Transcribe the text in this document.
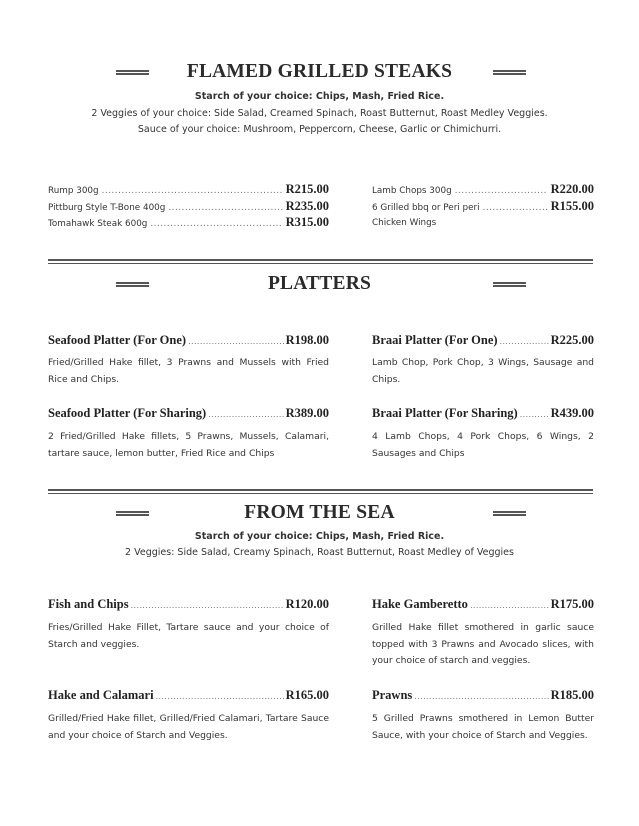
FLAMED GRILLED STEAKS
Starch of your choice: Chips, Mash, Fried Rice.
2 Veggies of your choice: Side Salad, Creamed Spinach, Roast Butternut, Roast Medley Veggies.
Sauce of your choice: Mushroom, Peppercorn, Cheese, Garlic or Chimichurri.
Rump 300g .....	R215.00
Pittburg Style T-Bone 400g .....	R235.00
Tomahawk Steak 600g .....	R315.00
Lamb Chops 300g .....	R220.00
6 Grilled bbq or Peri peri .....	R155.00
Chicken Wings
PLATTERS
Seafood Platter (For One) .....	R198.00
Fried/Grilled Hake fillet, 3 Prawns and Mussels with Fried Rice and Chips.
Braai Platter (For One) .....	R225.00
Lamb Chop, Pork Chop, 3 Wings, Sausage and Chips.
Seafood Platter (For Sharing) .....	R389.00
2 Fried/Grilled Hake fillets, 5 Prawns, Mussels, Calamari, tartare sauce, lemon butter, Fried Rice and Chips
Braai Platter (For Sharing) .....	R439.00
4 Lamb Chops, 4 Pork Chops, 6 Wings, 2 Sausages and Chips
FROM THE SEA
Starch of your choice: Chips, Mash, Fried Rice.
2 Veggies: Side Salad, Creamy Spinach, Roast Butternut, Roast Medley of Veggies
Fish and Chips .....	R120.00
Fries/Grilled Hake Fillet, Tartare sauce and your choice of Starch and veggies.
Hake Gamberetto .....	R175.00
Grilled Hake fillet smothered in garlic sauce topped with 3 Prawns and Avocado slices, with your choice of starch and veggies.
Hake and Calamari .....	R165.00
Grilled/Fried Hake fillet, Grilled/Fried Calamari, Tartare Sauce and your choice of Starch and Veggies.
Prawns .....	R185.00
5 Grilled Prawns smothered in Lemon Butter Sauce, with your choice of Starch and Veggies.
